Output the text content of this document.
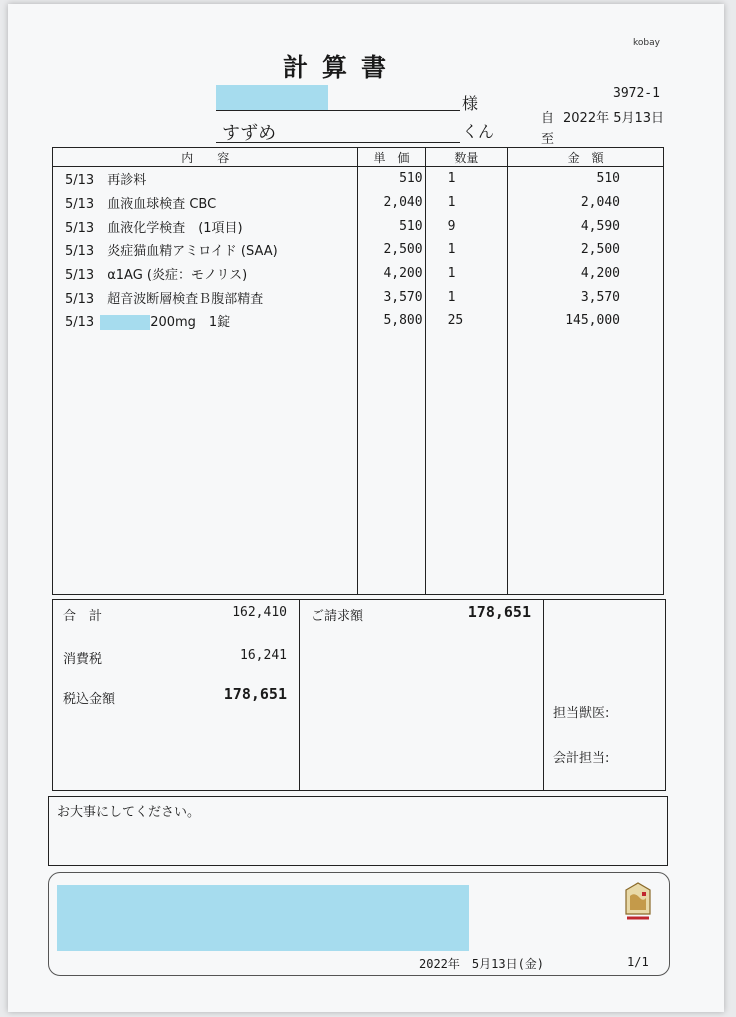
kobay
計算書
3972-1
様
すずめ	くん
自 2022年 5月13日
至
内　　容	単　価	数量	金　額
5/13　再診料	510	1	510
5/13　血液血球検査 CBC	2,040	1	2,040
5/13　血液化学検査　(1項目)	510	9	4,590
5/13　炎症猫血精アミロイド (SAA)	2,500	1	2,500
5/13　α1AG (炎症：モノリス)	4,200	1	4,200
5/13　超音波断層検査Ｂ腹部精査	3,570	1	3,570
5/13 200mg　1錠	5,800	25	145,000

合　計	162,410
消費税	16,241
税込金額	178,651
ご請求額	178,651
担当獣医:
会計担当:
お大事にしてください。
2022年　5月13日(金)	1/1
